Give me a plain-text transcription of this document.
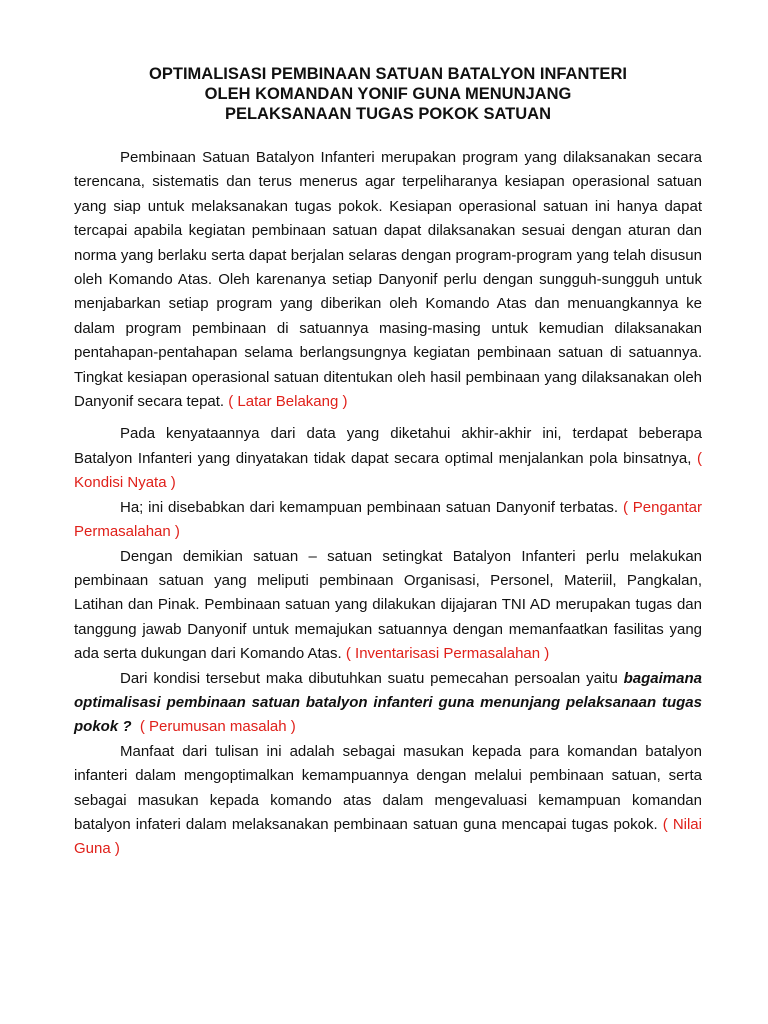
OPTIMALISASI PEMBINAAN SATUAN BATALYON INFANTERI
OLEH KOMANDAN YONIF GUNA MENUNJANG
PELAKSANAAN TUGAS POKOK SATUAN

Pembinaan Satuan Batalyon Infanteri merupakan program yang dilaksanakan secara terencana, sistematis dan terus menerus agar terpeliharanya kesiapan operasional satuan yang siap untuk melaksanakan tugas pokok. Kesiapan operasional satuan ini hanya dapat tercapai apabila kegiatan pembinaan satuan dapat dilaksanakan sesuai dengan aturan dan norma yang berlaku serta dapat berjalan selaras dengan program-program yang telah disusun oleh Komando Atas. Oleh karenanya setiap Danyonif perlu dengan sungguh-sungguh untuk menjabarkan setiap program yang diberikan oleh Komando Atas dan menuangkannya ke dalam program pembinaan di satuannya masing-masing untuk kemudian dilaksanakan pentahapan-pentahapan selama berlangsungnya kegiatan pembinaan satuan di satuannya. Tingkat kesiapan operasional satuan ditentukan oleh hasil pembinaan yang dilaksanakan oleh Danyonif secara tepat. ( Latar Belakang )

Pada kenyataannya dari data yang diketahui akhir-akhir ini, terdapat beberapa Batalyon Infanteri yang dinyatakan tidak dapat secara optimal menjalankan pola binsatnya, ( Kondisi Nyata )

Ha; ini disebabkan dari kemampuan pembinaan satuan Danyonif terbatas. ( Pengantar Permasalahan )

Dengan demikian satuan – satuan setingkat Batalyon Infanteri perlu melakukan pembinaan satuan yang meliputi pembinaan Organisasi, Personel, Materiil, Pangkalan, Latihan dan Pinak. Pembinaan satuan yang dilakukan dijajaran TNI AD merupakan tugas dan tanggung jawab Danyonif untuk memajukan satuannya dengan memanfaatkan fasilitas yang ada serta dukungan dari Komando Atas. ( Inventarisasi Permasalahan )

Dari kondisi tersebut maka dibutuhkan suatu pemecahan persoalan yaitu bagaimana optimalisasi pembinaan satuan batalyon infanteri guna menunjang pelaksanaan tugas pokok ? ( Perumusan masalah )

Manfaat dari tulisan ini adalah sebagai masukan kepada para komandan batalyon infanteri dalam mengoptimalkan kemampuannya dengan melalui pembinaan satuan, serta sebagai masukan kepada komando atas dalam mengevaluasi kemampuan komandan batalyon infateri dalam melaksanakan pembinaan satuan guna mencapai tugas pokok. ( Nilai Guna )
